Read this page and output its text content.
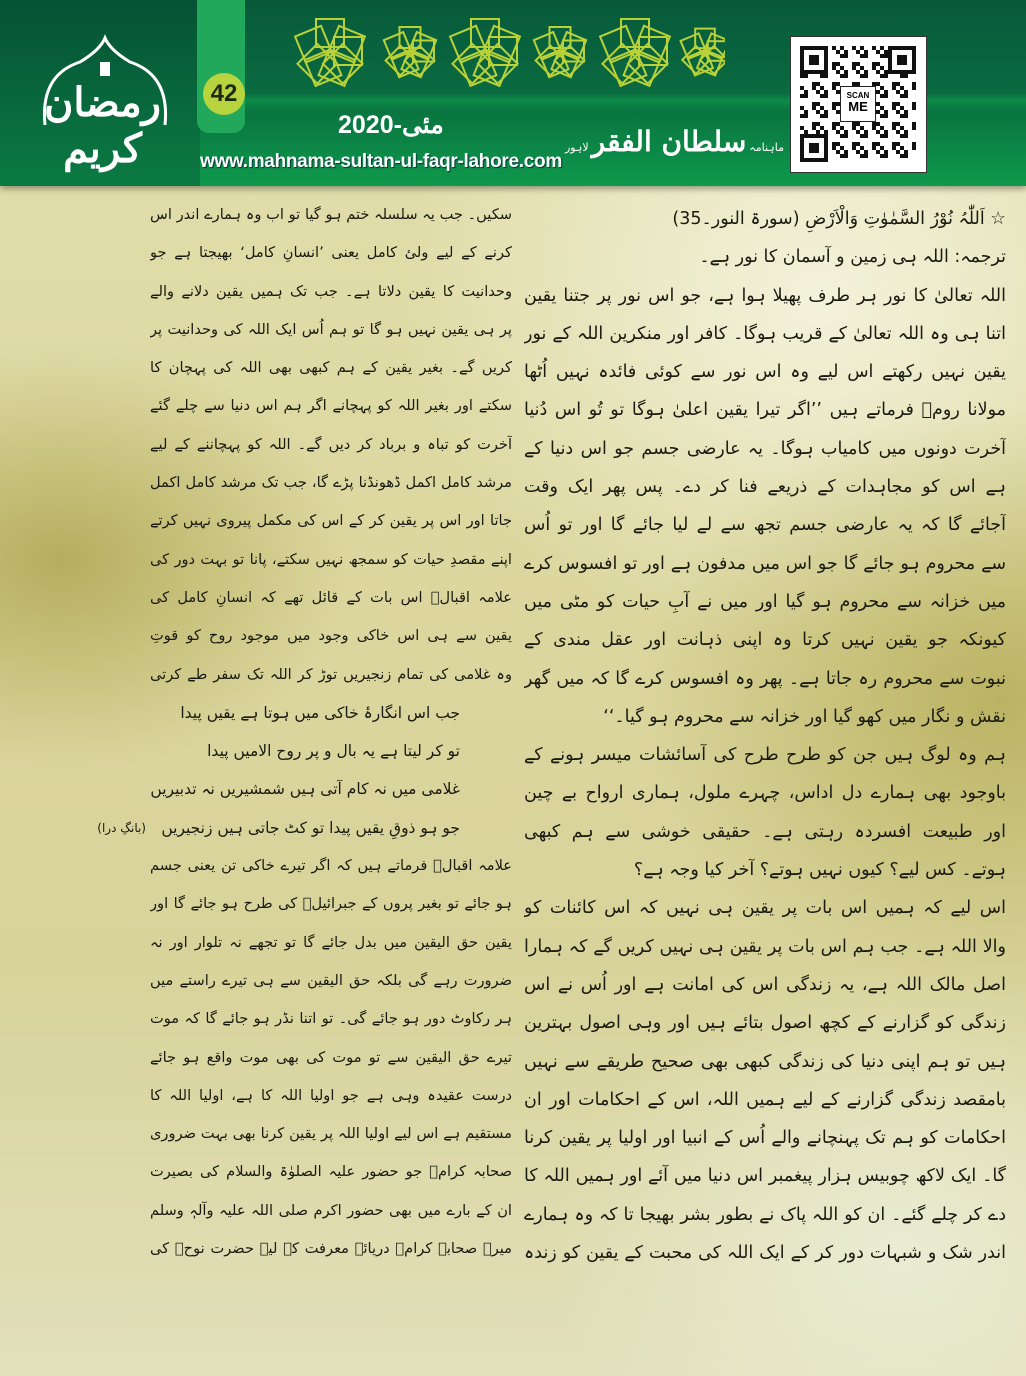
رمضان کریم
42
مئی-2020
www.mahnama-sultan-ul-faqr-lahore.com
ماہنامہ
سلطان الفقر
لاہور
SCAN
ME
☆ اَللّٰہُ نُوْرُ السَّمٰوٰتِ وَالْاَرْضِ (سورۃ النور۔35)
ترجمہ: اللہ ہی زمین و آسمان کا نور ہے۔
اللہ تعالیٰ کا نور ہر طرف پھیلا ہوا ہے، جو اس نور پر جتنا یقین
اتنا ہی وہ اللہ تعالیٰ کے قریب ہوگا۔ کافر اور منکرین اللہ کے نور
یقین نہیں رکھتے اس لیے وہ اس نور سے کوئی فائدہ نہیں اُٹھا
مولانا رومؒ فرماتے ہیں ’’اگر تیرا یقین اعلیٰ ہوگا تو تُو اس دُنیا
آخرت دونوں میں کامیاب ہوگا۔ یہ عارضی جسم جو اس دنیا کے
ہے اس کو مجاہدات کے ذریعے فنا کر دے۔ پس پھر ایک وقت
آجائے گا کہ یہ عارضی جسم تجھ سے لے لیا جائے گا اور تو اُس
سے محروم ہو جائے گا جو اس میں مدفون ہے اور تو افسوس کرے
میں خزانہ سے محروم ہو گیا اور میں نے آبِ حیات کو مٹی میں
کیونکہ جو یقین نہیں کرتا وہ اپنی ذہانت اور عقل مندی کے
نبوت سے محروم رہ جاتا ہے۔ پھر وہ افسوس کرے گا کہ میں گھر
نقش و نگار میں کھو گیا اور خزانہ سے محروم ہو گیا۔‘‘
ہم وہ لوگ ہیں جن کو طرح طرح کی آسائشات میسر ہونے کے
باوجود بھی ہمارے دل اداس، چہرے ملول، ہماری ارواح بے چین
اور طبیعت افسردہ رہتی ہے۔ حقیقی خوشی سے ہم کبھی
ہوتے۔ کس لیے؟ کیوں نہیں ہوتے؟ آخر کیا وجہ ہے؟
اس لیے کہ ہمیں اس بات پر یقین ہی نہیں کہ اس کائنات کو
والا اللہ ہے۔ جب ہم اس بات پر یقین ہی نہیں کریں گے کہ ہمارا
اصل مالک اللہ ہے، یہ زندگی اس کی امانت ہے اور اُس نے اس
زندگی کو گزارنے کے کچھ اصول بتائے ہیں اور وہی اصول بہترین
ہیں تو ہم اپنی دنیا کی زندگی کبھی بھی صحیح طریقے سے نہیں
بامقصد زندگی گزارنے کے لیے ہمیں اللہ، اس کے احکامات اور ان
احکامات کو ہم تک پہنچانے والے اُس کے انبیا اور اولیا پر یقین کرنا
گا۔ ایک لاکھ چوبیس ہزار پیغمبر اس دنیا میں آئے اور ہمیں اللہ کا
دے کر چلے گئے۔ ان کو اللہ پاک نے بطور بشر بھیجا تا کہ وہ ہمارے
اندر شک و شبہات دور کر کے ایک اللہ کی محبت کے یقین کو زندہ
سکیں۔ جب یہ سلسلہ ختم ہو گیا تو اب وہ ہمارے اندر اس
کرنے کے لیے ولیٔ کامل یعنی ’انسانِ کامل‘ بھیجتا ہے جو
وحدانیت کا یقین دلاتا ہے۔ جب تک ہمیں یقین دلانے والے
پر ہی یقین نہیں ہو گا تو ہم اُس ایک اللہ کی وحدانیت پر
کریں گے۔ بغیر یقین کے ہم کبھی بھی اللہ کی پہچان کا
سکتے اور بغیر اللہ کو پہچانے اگر ہم اس دنیا سے چلے گئے
آخرت کو تباہ و برباد کر دیں گے۔ اللہ کو پہچاننے کے لیے
مرشد کامل اکمل ڈھونڈنا پڑے گا، جب تک مرشد کامل اکمل
جاتا اور اس پر یقین کر کے اس کی مکمل پیروی نہیں کرتے
اپنے مقصدِ حیات کو سمجھ نہیں سکتے، پانا تو بہت دور کی
علامہ اقبالؒ اس بات کے قائل تھے کہ انسانِ کامل کی
یقین سے ہی اس خاکی وجود میں موجود روح کو قوتِ
وہ غلامی کی تمام زنجیریں توڑ کر اللہ تک سفر طے کرتی
جب اس انگارۂ خاکی میں ہوتا ہے یقیں پیدا
تو کر لیتا ہے یہ بال و پر روح الامیں پیدا
غلامی میں نہ کام آتی ہیں شمشیریں نہ تدبیریں
جو ہو ذوقِ یقیں پیدا تو کٹ جاتی ہیں زنجیریں
(بانگِ درا)
علامہ اقبالؒ فرماتے ہیں کہ اگر تیرے خاکی تن یعنی جسم
ہو جائے تو بغیر پروں کے جبرائیلؑ کی طرح ہو جائے گا اور
یقین حق الیقین میں بدل جائے گا تو تجھے نہ تلوار اور نہ
ضرورت رہے گی بلکہ حق الیقین سے ہی تیرے راستے میں
ہر رکاوٹ دور ہو جائے گی۔ تو اتنا نڈر ہو جائے گا کہ موت
تیرے حق الیقین سے تو موت کی بھی موت واقع ہو جائے
درست عقیدہ وہی ہے جو اولیا اللہ کا ہے، اولیا اللہ کا
مستقیم ہے اس لیے اولیا اللہ پر یقین کرنا بھی بہت ضروری
صحابہ کرامؓ جو حضور علیہ الصلوٰۃ والسلام کی بصیرت
ان کے بارے میں بھی حضور اکرم صلی اللہ علیہ وآلہٖ وسلم
میرے صحابہ کرامؓ دریائے معرفت کے لیے حضرت نوحؑ کی
